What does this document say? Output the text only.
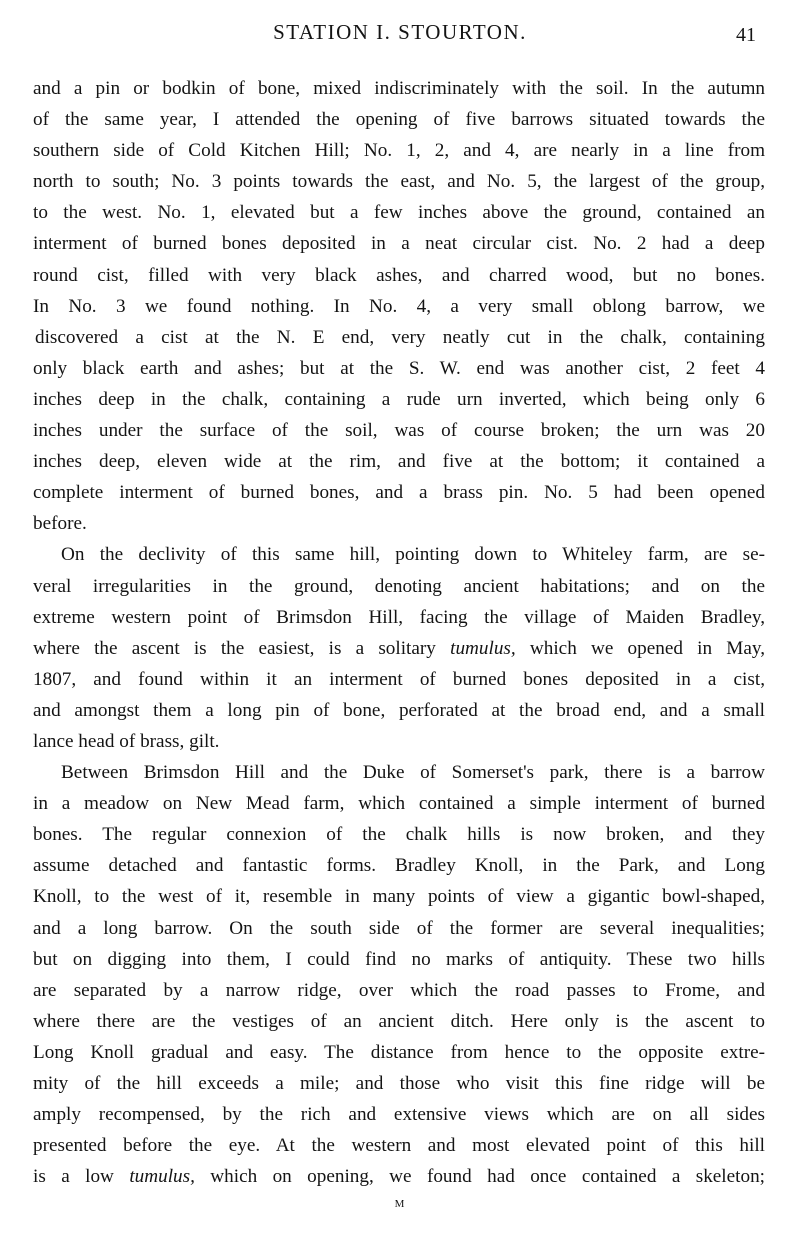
STATION I. STOURTON.	41
and a pin or bodkin of bone, mixed indiscriminately with the soil. In the autumn
of the same year, I attended the opening of five barrows situated towards the
southern side of Cold Kitchen Hill; No. 1, 2, and 4, are nearly in a line from
north to south; No. 3 points towards the east, and No. 5, the largest of the group,
to the west. No. 1, elevated but a few inches above the ground, contained an
interment of burned bones deposited in a neat circular cist. No. 2 had a deep
round cist, filled with very black ashes, and charred wood, but no bones.
In No. 3 we found nothing. In No. 4, a very small oblong barrow, we
discovered a cist at the N. E end, very neatly cut in the chalk, containing
only black earth and ashes; but at the S. W. end was another cist, 2 feet 4
inches deep in the chalk, containing a rude urn inverted, which being only 6
inches under the surface of the soil, was of course broken; the urn was 20
inches deep, eleven wide at the rim, and five at the bottom; it contained a
complete interment of burned bones, and a brass pin. No. 5 had been opened
before.
On the declivity of this same hill, pointing down to Whiteley farm, are se-
veral irregularities in the ground, denoting ancient habitations; and on the
extreme western point of Brimsdon Hill, facing the village of Maiden Bradley,
where the ascent is the easiest, is a solitary tumulus, which we opened in May,
1807, and found within it an interment of burned bones deposited in a cist,
and amongst them a long pin of bone, perforated at the broad end, and a small
lance head of brass, gilt.
Between Brimsdon Hill and the Duke of Somerset's park, there is a barrow
in a meadow on New Mead farm, which contained a simple interment of burned
bones. The regular connexion of the chalk hills is now broken, and they
assume detached and fantastic forms. Bradley Knoll, in the Park, and Long
Knoll, to the west of it, resemble in many points of view a gigantic bowl-shaped,
and a long barrow. On the south side of the former are several inequalities;
but on digging into them, I could find no marks of antiquity. These two hills
are separated by a narrow ridge, over which the road passes to Frome, and
where there are the vestiges of an ancient ditch. Here only is the ascent to
Long Knoll gradual and easy. The distance from hence to the opposite extre-
mity of the hill exceeds a mile; and those who visit this fine ridge will be
amply recompensed, by the rich and extensive views which are on all sides
presented before the eye. At the western and most elevated point of this hill
is a low tumulus, which on opening, we found had once contained a skeleton;
M
